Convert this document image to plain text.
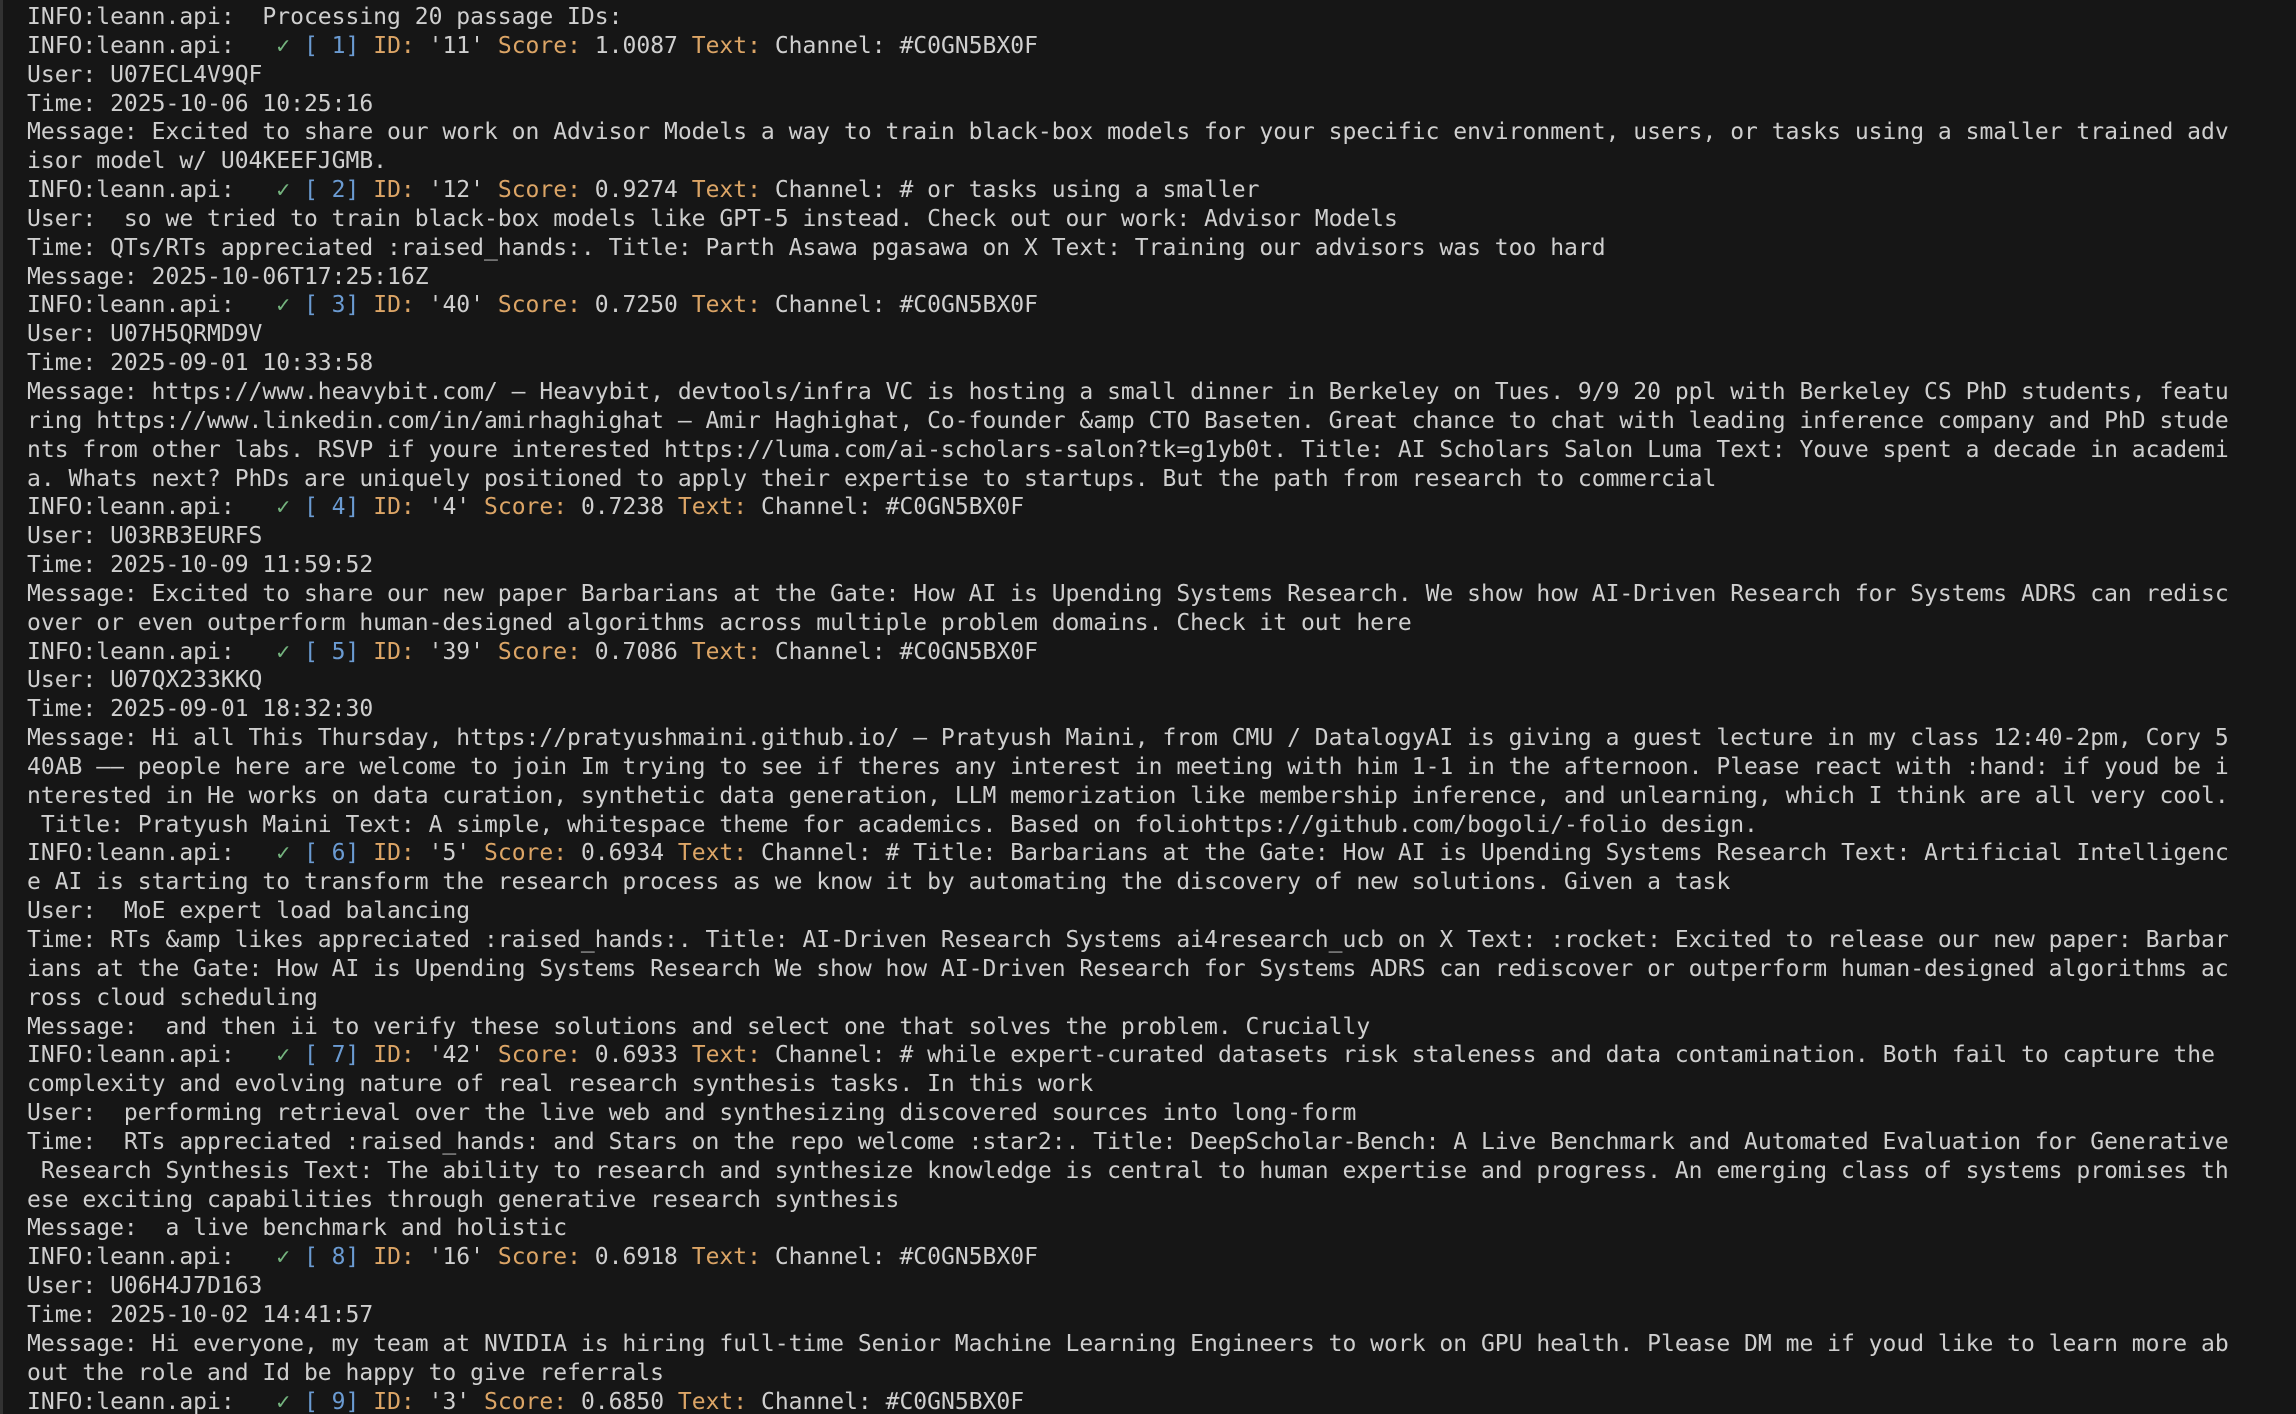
INFO:leann.api:  Processing 20 passage IDs:
INFO:leann.api:   ✓ [ 1] ID: '11' Score: 1.0087 Text: Channel: #C0GN5BX0F
User: U07ECL4V9QF
Time: 2025-10-06 10:25:16
Message: Excited to share our work on Advisor Models a way to train black-box models for your specific environment, users, or tasks using a smaller trained adv
isor model w/ U04KEEFJGMB.
INFO:leann.api:   ✓ [ 2] ID: '12' Score: 0.9274 Text: Channel: # or tasks using a smaller
User:  so we tried to train black-box models like GPT-5 instead. Check out our work: Advisor Models
Time: QTs/RTs appreciated :raised_hands:. Title: Parth Asawa pgasawa on X Text: Training our advisors was too hard
Message: 2025-10-06T17:25:16Z
INFO:leann.api:   ✓ [ 3] ID: '40' Score: 0.7250 Text: Channel: #C0GN5BX0F
User: U07H5QRMD9V
Time: 2025-09-01 10:33:58
Message: https://www.heavybit.com/ – Heavybit, devtools/infra VC is hosting a small dinner in Berkeley on Tues. 9/9 20 ppl with Berkeley CS PhD students, featu
ring https://www.linkedin.com/in/amirhaghighat – Amir Haghighat, Co-founder &amp CTO Baseten. Great chance to chat with leading inference company and PhD stude
nts from other labs. RSVP if youre interested https://luma.com/ai-scholars-salon?tk=g1yb0t. Title: AI Scholars Salon Luma Text: Youve spent a decade in academi
a. Whats next? PhDs are uniquely positioned to apply their expertise to startups. But the path from research to commercial
INFO:leann.api:   ✓ [ 4] ID: '4' Score: 0.7238 Text: Channel: #C0GN5BX0F
User: U03RB3EURFS
Time: 2025-10-09 11:59:52
Message: Excited to share our new paper Barbarians at the Gate: How AI is Upending Systems Research. We show how AI-Driven Research for Systems ADRS can redisc
over or even outperform human-designed algorithms across multiple problem domains. Check it out here
INFO:leann.api:   ✓ [ 5] ID: '39' Score: 0.7086 Text: Channel: #C0GN5BX0F
User: U07QX233KKQ
Time: 2025-09-01 18:32:30
Message: Hi all This Thursday, https://pratyushmaini.github.io/ – Pratyush Maini, from CMU / DatalogyAI is giving a guest lecture in my class 12:40-2pm, Cory 5
40AB –– people here are welcome to join Im trying to see if theres any interest in meeting with him 1-1 in the afternoon. Please react with :hand: if youd be i
nterested in He works on data curation, synthetic data generation, LLM memorization like membership inference, and unlearning, which I think are all very cool.
Title: Pratyush Maini Text: A simple, whitespace theme for academics. Based on foliohttps://github.com/bogoli/-folio design.
INFO:leann.api:   ✓ [ 6] ID: '5' Score: 0.6934 Text: Channel: # Title: Barbarians at the Gate: How AI is Upending Systems Research Text: Artificial Intelligenc
e AI is starting to transform the research process as we know it by automating the discovery of new solutions. Given a task
User:  MoE expert load balancing
Time: RTs &amp likes appreciated :raised_hands:. Title: AI-Driven Research Systems ai4research_ucb on X Text: :rocket: Excited to release our new paper: Barbar
ians at the Gate: How AI is Upending Systems Research We show how AI-Driven Research for Systems ADRS can rediscover or outperform human-designed algorithms ac
ross cloud scheduling
Message:  and then ii to verify these solutions and select one that solves the problem. Crucially
INFO:leann.api:   ✓ [ 7] ID: '42' Score: 0.6933 Text: Channel: # while expert-curated datasets risk staleness and data contamination. Both fail to capture the
complexity and evolving nature of real research synthesis tasks. In this work
User:  performing retrieval over the live web and synthesizing discovered sources into long-form
Time:  RTs appreciated :raised_hands: and Stars on the repo welcome :star2:. Title: DeepScholar-Bench: A Live Benchmark and Automated Evaluation for Generative
Research Synthesis Text: The ability to research and synthesize knowledge is central to human expertise and progress. An emerging class of systems promises th
ese exciting capabilities through generative research synthesis
Message:  a live benchmark and holistic
INFO:leann.api:   ✓ [ 8] ID: '16' Score: 0.6918 Text: Channel: #C0GN5BX0F
User: U06H4J7D163
Time: 2025-10-02 14:41:57
Message: Hi everyone, my team at NVIDIA is hiring full-time Senior Machine Learning Engineers to work on GPU health. Please DM me if youd like to learn more ab
out the role and Id be happy to give referrals
INFO:leann.api:   ✓ [ 9] ID: '3' Score: 0.6850 Text: Channel: #C0GN5BX0F
